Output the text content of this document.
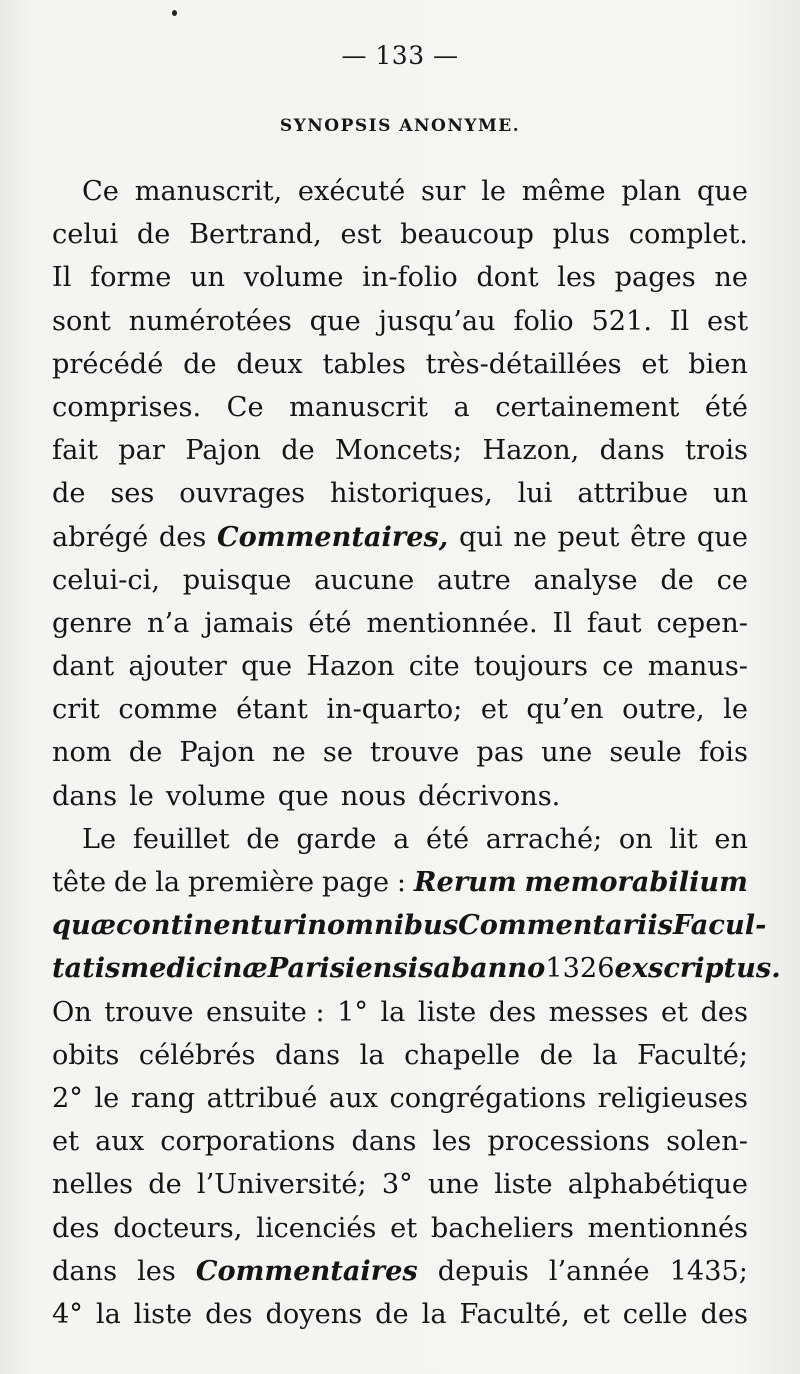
— 133 —
SYNOPSIS ANONYME.
Ce manuscrit, exécuté sur le même plan que
celui de Bertrand, est beaucoup plus complet.
Il forme un volume in-folio dont les pages ne
sont numérotées que jusqu’au folio 521. Il est
précédé de deux tables très-détaillées et bien
comprises. Ce manuscrit a certainement été
fait par Pajon de Moncets; Hazon, dans trois
de ses ouvrages historiques, lui attribue un
abrégé des Commentaires, qui ne peut être que
celui-ci, puisque aucune autre analyse de ce
genre n’a jamais été mentionnée. Il faut cepen-
dant ajouter que Hazon cite toujours ce manus-
crit comme étant in-quarto; et qu’en outre, le
nom de Pajon ne se trouve pas une seule fois
dans le volume que nous décrivons.
Le feuillet de garde a été arraché; on lit en
tête de la première page : Rerum memorabilium
quæ continentur in omnibus Commentariis Facul-
tatis medicinæ Parisiensis ab anno 1326 exscriptus.
On trouve ensuite : 1° la liste des messes et des
obits célébrés dans la chapelle de la Faculté;
2° le rang attribué aux congrégations religieuses
et aux corporations dans les processions solen-
nelles de l’Université; 3° une liste alphabétique
des docteurs, licenciés et bacheliers mentionnés
dans les Commentaires depuis l’année 1435;
4° la liste des doyens de la Faculté, et celle des
